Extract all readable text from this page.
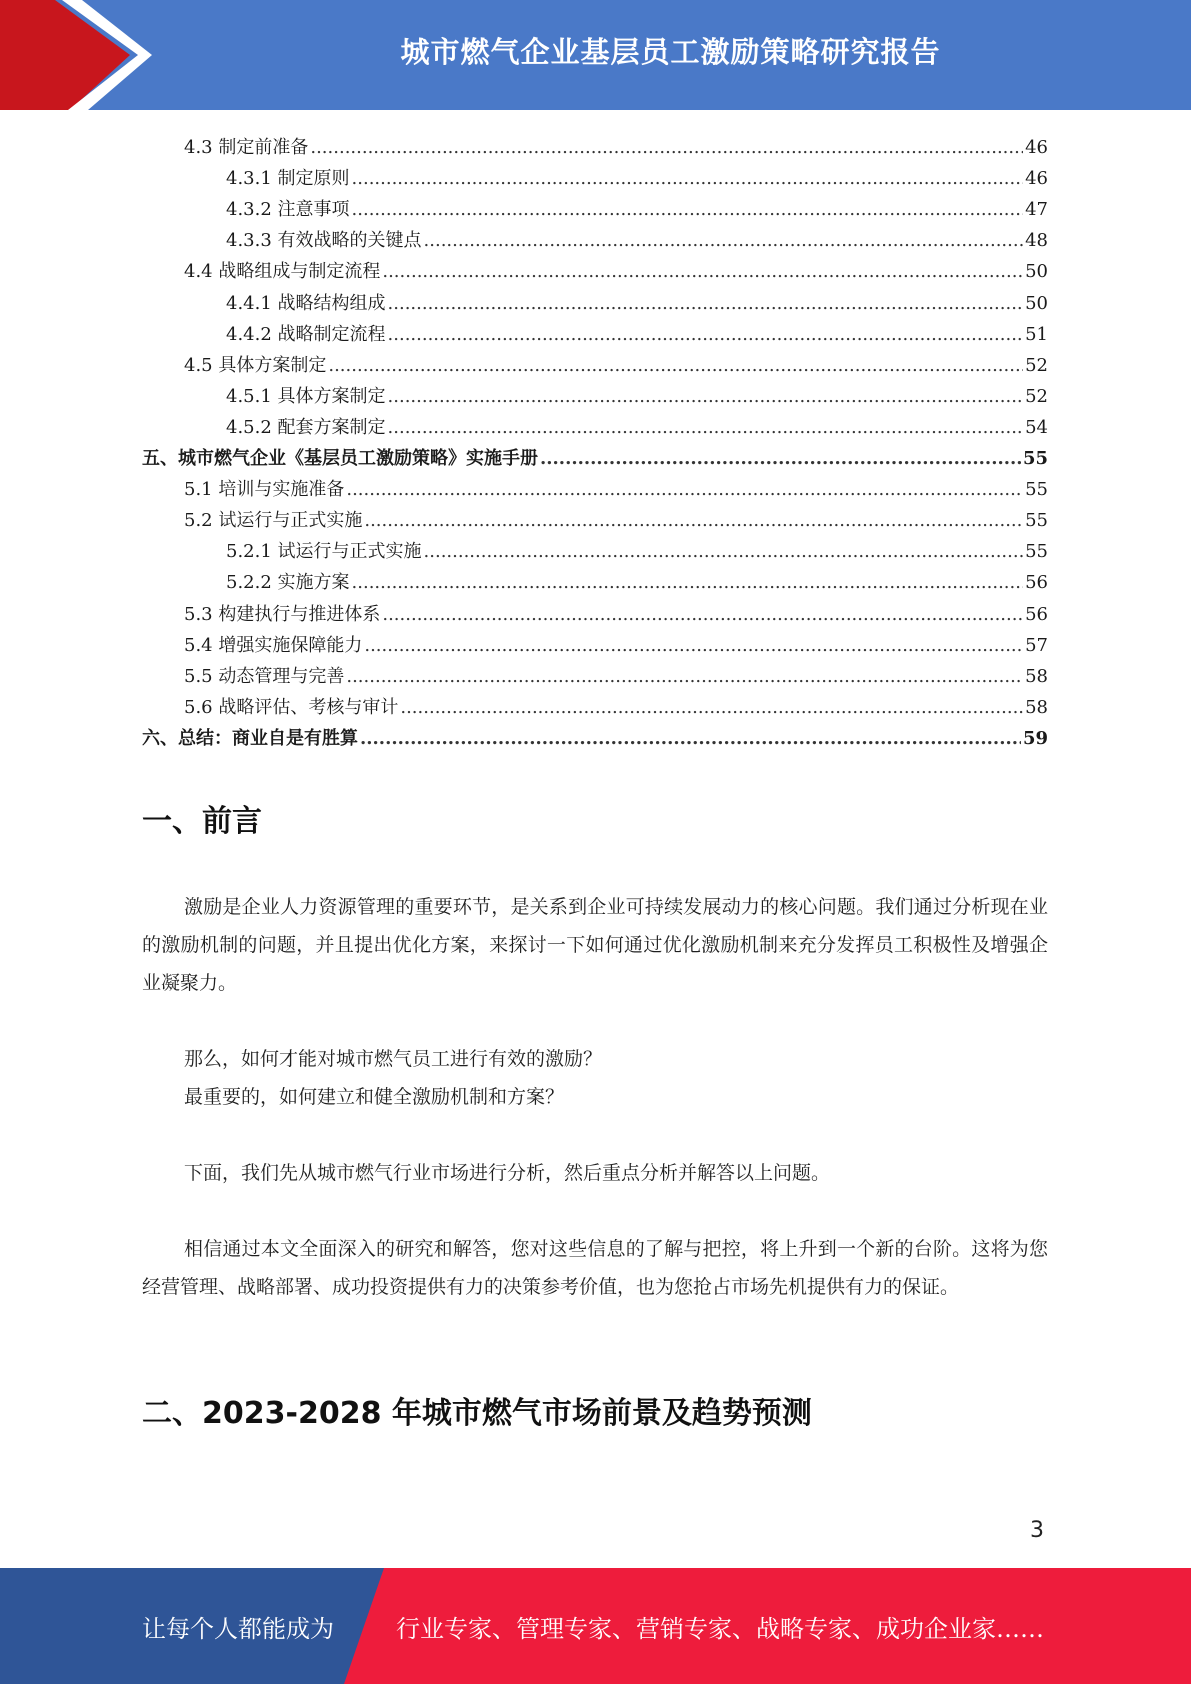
城市燃气企业基层员工激励策略研究报告
4.3 制定前准备 .....	46
4.3.1 制定原则 .....	46
4.3.2 注意事项 .....	47
4.3.3 有效战略的关键点 .....	48
4.4 战略组成与制定流程 .....	50
4.4.1 战略结构组成 .....	50
4.4.2 战略制定流程 .....	51
4.5 具体方案制定 .....	52
4.5.1 具体方案制定 .....	52
4.5.2 配套方案制定 .....	54
五、城市燃气企业《基层员工激励策略》实施手册 .....	55
5.1 培训与实施准备 .....	55
5.2 试运行与正式实施 .....	55
5.2.1 试运行与正式实施 .....	55
5.2.2 实施方案 .....	56
5.3 构建执行与推进体系 .....	56
5.4 增强实施保障能力 .....	57
5.5 动态管理与完善 .....	58
5.6 战略评估、考核与审计 .....	58
六、总结：商业自是有胜算 .....	59
一、前言

激励是企业人力资源管理的重要环节，是关系到企业可持续发展动力的核心问题。我们通过分析现在业的激励机制的问题，并且提出优化方案，来探讨一下如何通过优化激励机制来充分发挥员工积极性及增强企业凝聚力。

那么，如何才能对城市燃气员工进行有效的激励？
最重要的，如何建立和健全激励机制和方案？
下面，我们先从城市燃气行业市场进行分析，然后重点分析并解答以上问题。

相信通过本文全面深入的研究和解答，您对这些信息的了解与把控，将上升到一个新的台阶。这将为您经营管理、战略部署、成功投资提供有力的决策参考价值，也为您抢占市场先机提供有力的保证。

二、2023-2028 年城市燃气市场前景及趋势预测
3
让每个人都能成为	行业专家、管理专家、营销专家、战略专家、成功企业家……
